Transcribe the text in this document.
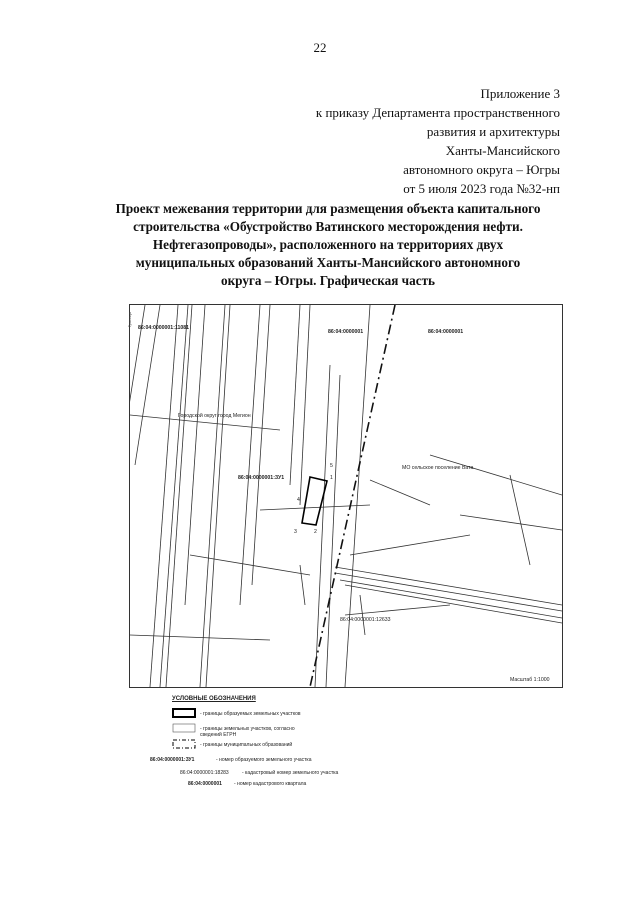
22
Приложение 3
к приказу Департамента пространственного
развития и архитектуры
Ханты-Мансийского
автономного округа – Югры
от 5 июля 2023 года №32-нп
Проект межевания территории для размещения объекта капитального
строительства «Обустройство Ватинского месторождения нефти.
Нефтегазопроводы», расположенного на территориях двух
муниципальных образований Ханты-Мансийского автономного
округа – Югры. Графическая часть
86:04:0000001:11081
86:04:0000001	86:04:0000001
Городской округ город Мегион
МО сельское поселение Вата
86:04:0000001:ЗУ1
86:04:0000001:12633
Масштаб 1:1000
5
1
4
3	2
Граница
УСЛОВНЫЕ ОБОЗНАЧЕНИЯ
- границы образуемых земельных участков
- границы земельных участков, согласно сведений ЕГРН
- границы муниципальных образований
86:04:0000001:ЗУ1	- номер образуемого земельного участка
86:04:0000001:18283	- кадастровый номер земельного участка
86:04:0000001 - номер кадастрового квартала
